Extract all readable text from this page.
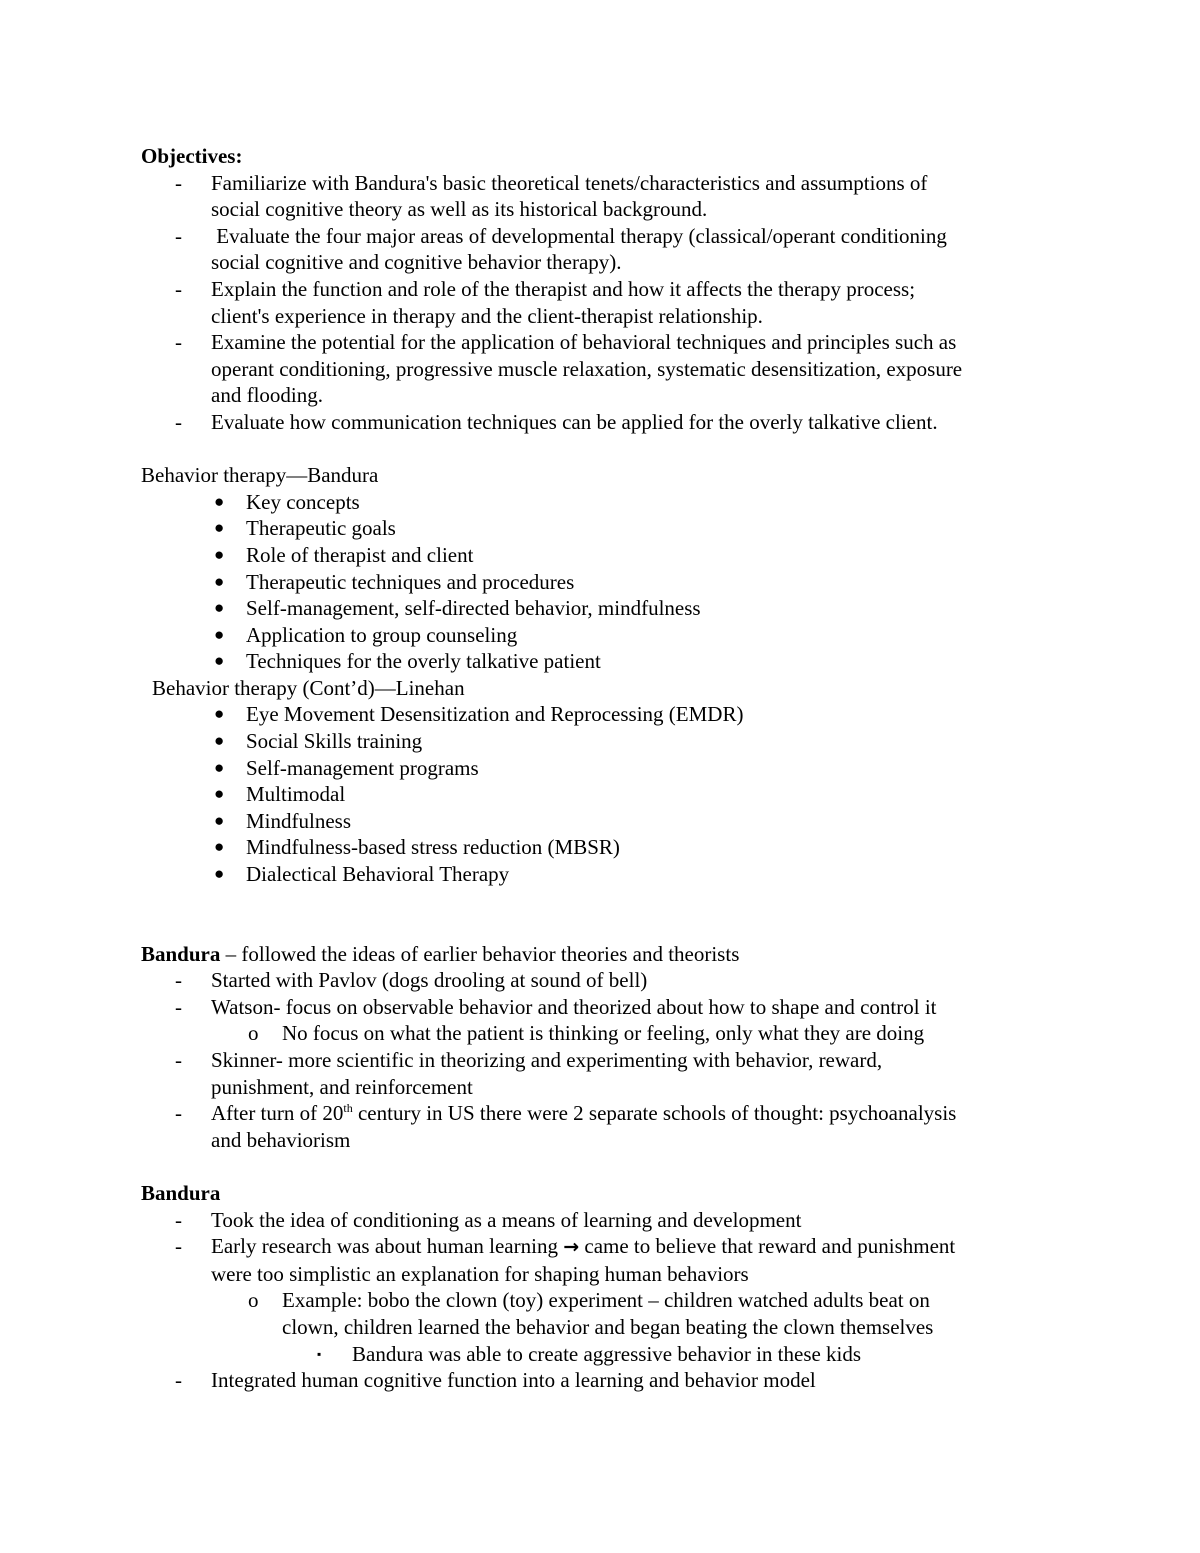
Objectives:
- Familiarize with Bandura's basic theoretical tenets/characteristics and assumptions of
social cognitive theory as well as its historical background.
- Evaluate the four major areas of developmental therapy (classical/operant conditioning
social cognitive and cognitive behavior therapy).
- Explain the function and role of the therapist and how it affects the therapy process;
client's experience in therapy and the client-therapist relationship.
- Examine the potential for the application of behavioral techniques and principles such as
operant conditioning, progressive muscle relaxation, systematic desensitization, exposure
and flooding.
- Evaluate how communication techniques can be applied for the overly talkative client.
Behavior therapy—Bandura
● Key concepts
● Therapeutic goals
● Role of therapist and client
● Therapeutic techniques and procedures
● Self-management, self-directed behavior, mindfulness
● Application to group counseling
● Techniques for the overly talkative patient
Behavior therapy (Cont’d)—Linehan
● Eye Movement Desensitization and Reprocessing (EMDR)
● Social Skills training
● Self-management programs
● Multimodal
● Mindfulness
● Mindfulness-based stress reduction (MBSR)
● Dialectical Behavioral Therapy
Bandura – followed the ideas of earlier behavior theories and theorists
- Started with Pavlov (dogs drooling at sound of bell)
- Watson- focus on observable behavior and theorized about how to shape and control it
o No focus on what the patient is thinking or feeling, only what they are doing
- Skinner- more scientific in theorizing and experimenting with behavior, reward,
punishment, and reinforcement
- After turn of 20th century in US there were 2 separate schools of thought: psychoanalysis
and behaviorism
Bandura
- Took the idea of conditioning as a means of learning and development
- Early research was about human learning → came to believe that reward and punishment
were too simplistic an explanation for shaping human behaviors
o Example: bobo the clown (toy) experiment – children watched adults beat on
clown, children learned the behavior and began beating the clown themselves
▪ Bandura was able to create aggressive behavior in these kids
- Integrated human cognitive function into a learning and behavior model
